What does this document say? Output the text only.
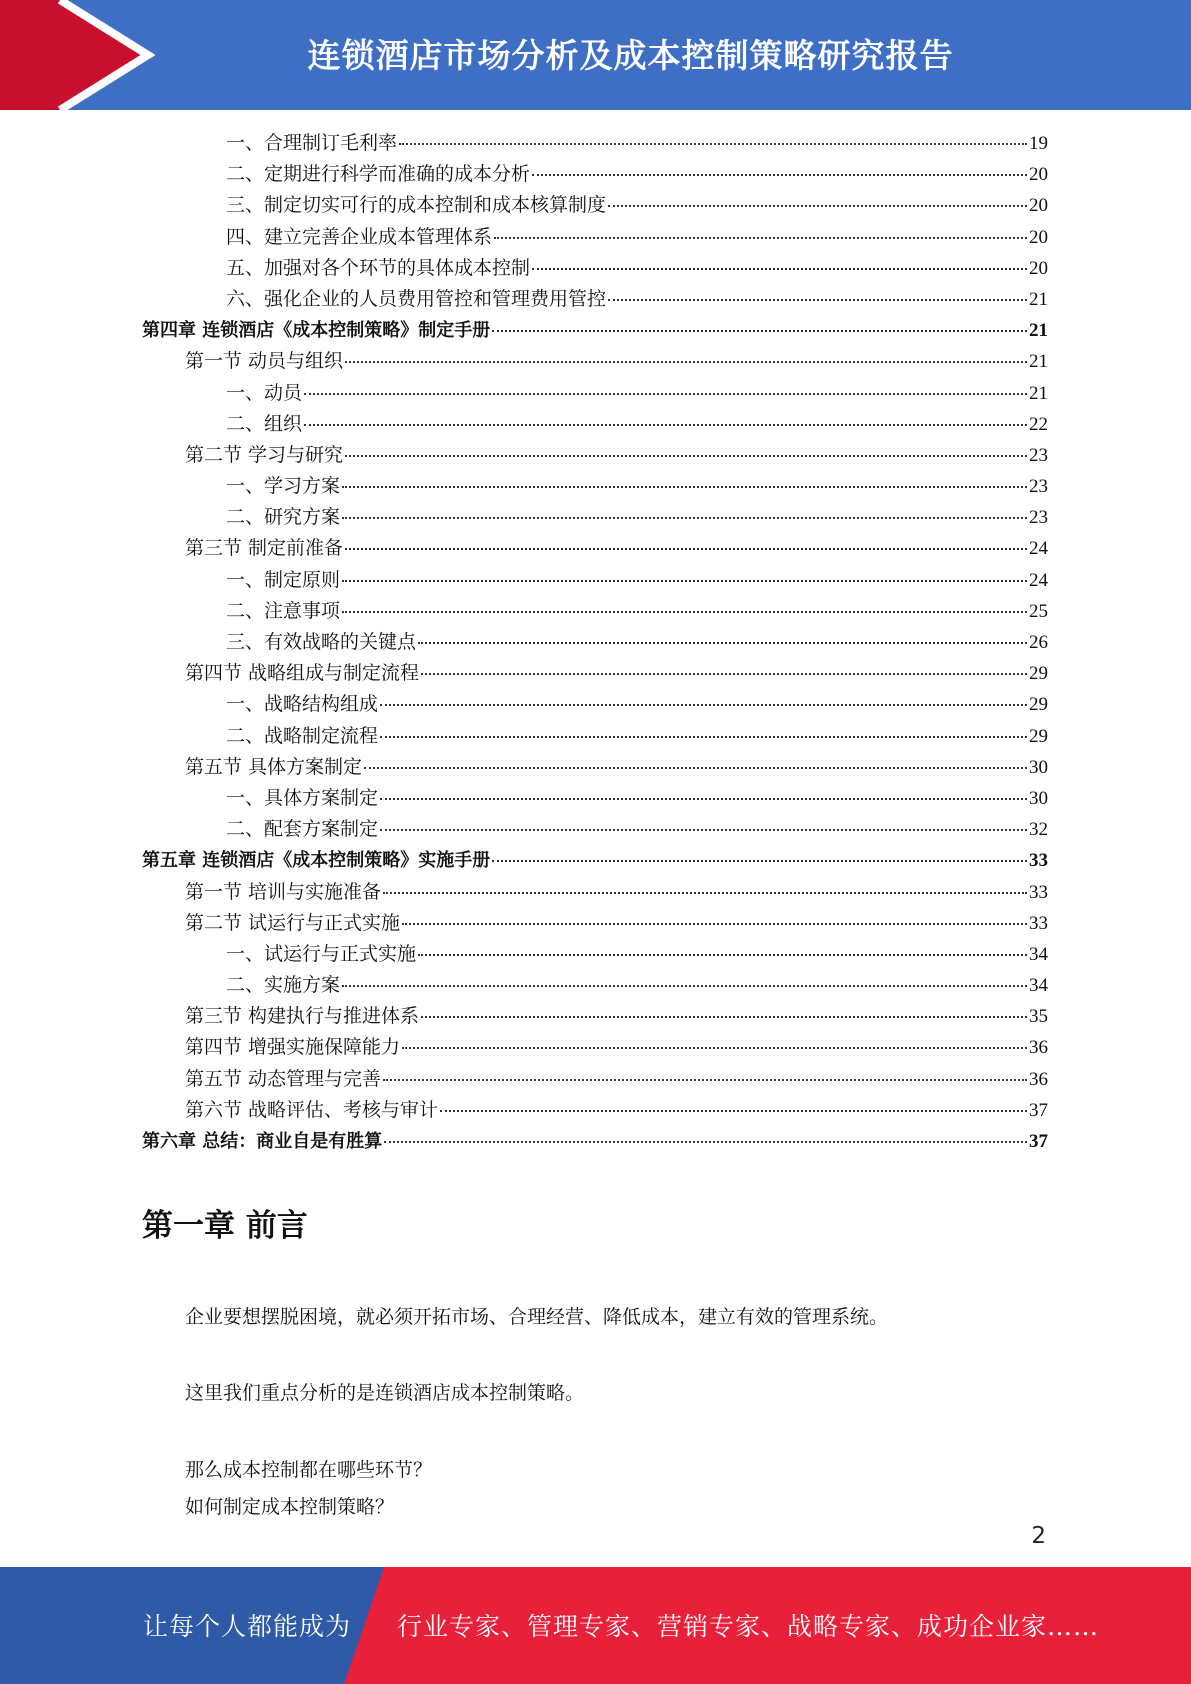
连锁酒店市场分析及成本控制策略研究报告
一、合理制订毛利率	19
二、定期进行科学而准确的成本分析	20
三、制定切实可行的成本控制和成本核算制度	20
四、建立完善企业成本管理体系	20
五、加强对各个环节的具体成本控制	20
六、强化企业的人员费用管控和管理费用管控	21
第四章 连锁酒店《成本控制策略》制定手册	21
第一节 动员与组织	21
一、动员	21
二、组织	22
第二节 学习与研究	23
一、学习方案	23
二、研究方案	23
第三节 制定前准备	24
一、制定原则	24
二、注意事项	25
三、有效战略的关键点	26
第四节 战略组成与制定流程	29
一、战略结构组成	29
二、战略制定流程	29
第五节 具体方案制定	30
一、具体方案制定	30
二、配套方案制定	32
第五章 连锁酒店《成本控制策略》实施手册	33
第一节 培训与实施准备	33
第二节 试运行与正式实施	33
一、试运行与正式实施	34
二、实施方案	34
第三节 构建执行与推进体系	35
第四节 增强实施保障能力	36
第五节 动态管理与完善	36
第六节 战略评估、考核与审计	37
第六章 总结：商业自是有胜算	37
第一章 前言

企业要想摆脱困境，就必须开拓市场、合理经营、降低成本，建立有效的管理系统。

这里我们重点分析的是连锁酒店成本控制策略。

那么成本控制都在哪些环节？

如何制定成本控制策略？

2
让每个人都能成为 行业专家、管理专家、营销专家、战略专家、成功企业家……
